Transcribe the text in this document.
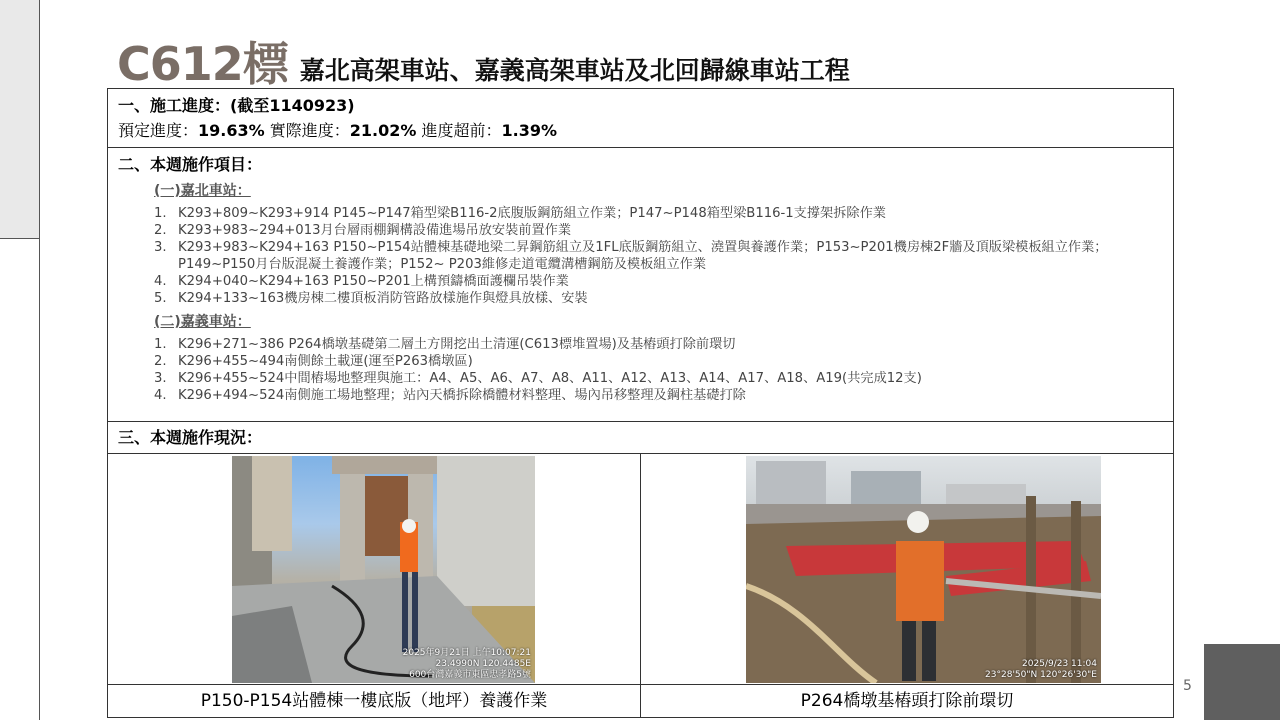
C612標 嘉北高架車站、嘉義高架車站及北回歸線車站工程
一、施工進度：(截至1140923)
預定進度：19.63% 實際進度：21.02% 進度超前：1.39%
二、本週施作項目：
(一)嘉北車站：
1. K293+809~K293+914 P145~P147箱型梁B116-2底腹版鋼筋組立作業；P147~P148箱型梁B116-1支撐架拆除作業
2. K293+983~294+013月台層雨棚鋼構設備進場吊放安裝前置作業
3. K293+983~K294+163 P150~P154站體棟基礎地梁二昇鋼筋組立及1FL底版鋼筋組立、澆置與養護作業；P153~P201機房棟2F牆及頂版梁模板組立作業；P149~P150月台版混凝土養護作業；P152~ P203維修走道電纜溝槽鋼筋及模板組立作業
4. K294+040~K294+163 P150~P201上構預鑄橋面護欄吊裝作業
5. K294+133~163機房棟二樓頂板消防管路放樣施作與燈具放樣、安裝
(二)嘉義車站：
1. K296+271~386 P264橋墩基礎第二層土方開挖出土清運(C613標堆置場)及基樁頭打除前環切
2. K296+455~494南側餘土載運(運至P263橋墩區)
3. K296+455~524中間樁場地整理與施工：A4、A5、A6、A7、A8、A11、A12、A13、A14、A17、A18、A19(共完成12支)
4. K296+494~524南側施工場地整理；站內天橋拆除橋體材料整理、場內吊移整理及鋼柱基礎打除
三、本週施作現況：
2025年9月21日 上午10:07:21
23.4990N 120.4485E
600台灣嘉義市東區忠孝路5號
2025/9/23 11:04
23°28'50"N 120°26'30"E
P150-P154站體棟一樓底版（地坪）養護作業	P264橋墩基樁頭打除前環切
5
